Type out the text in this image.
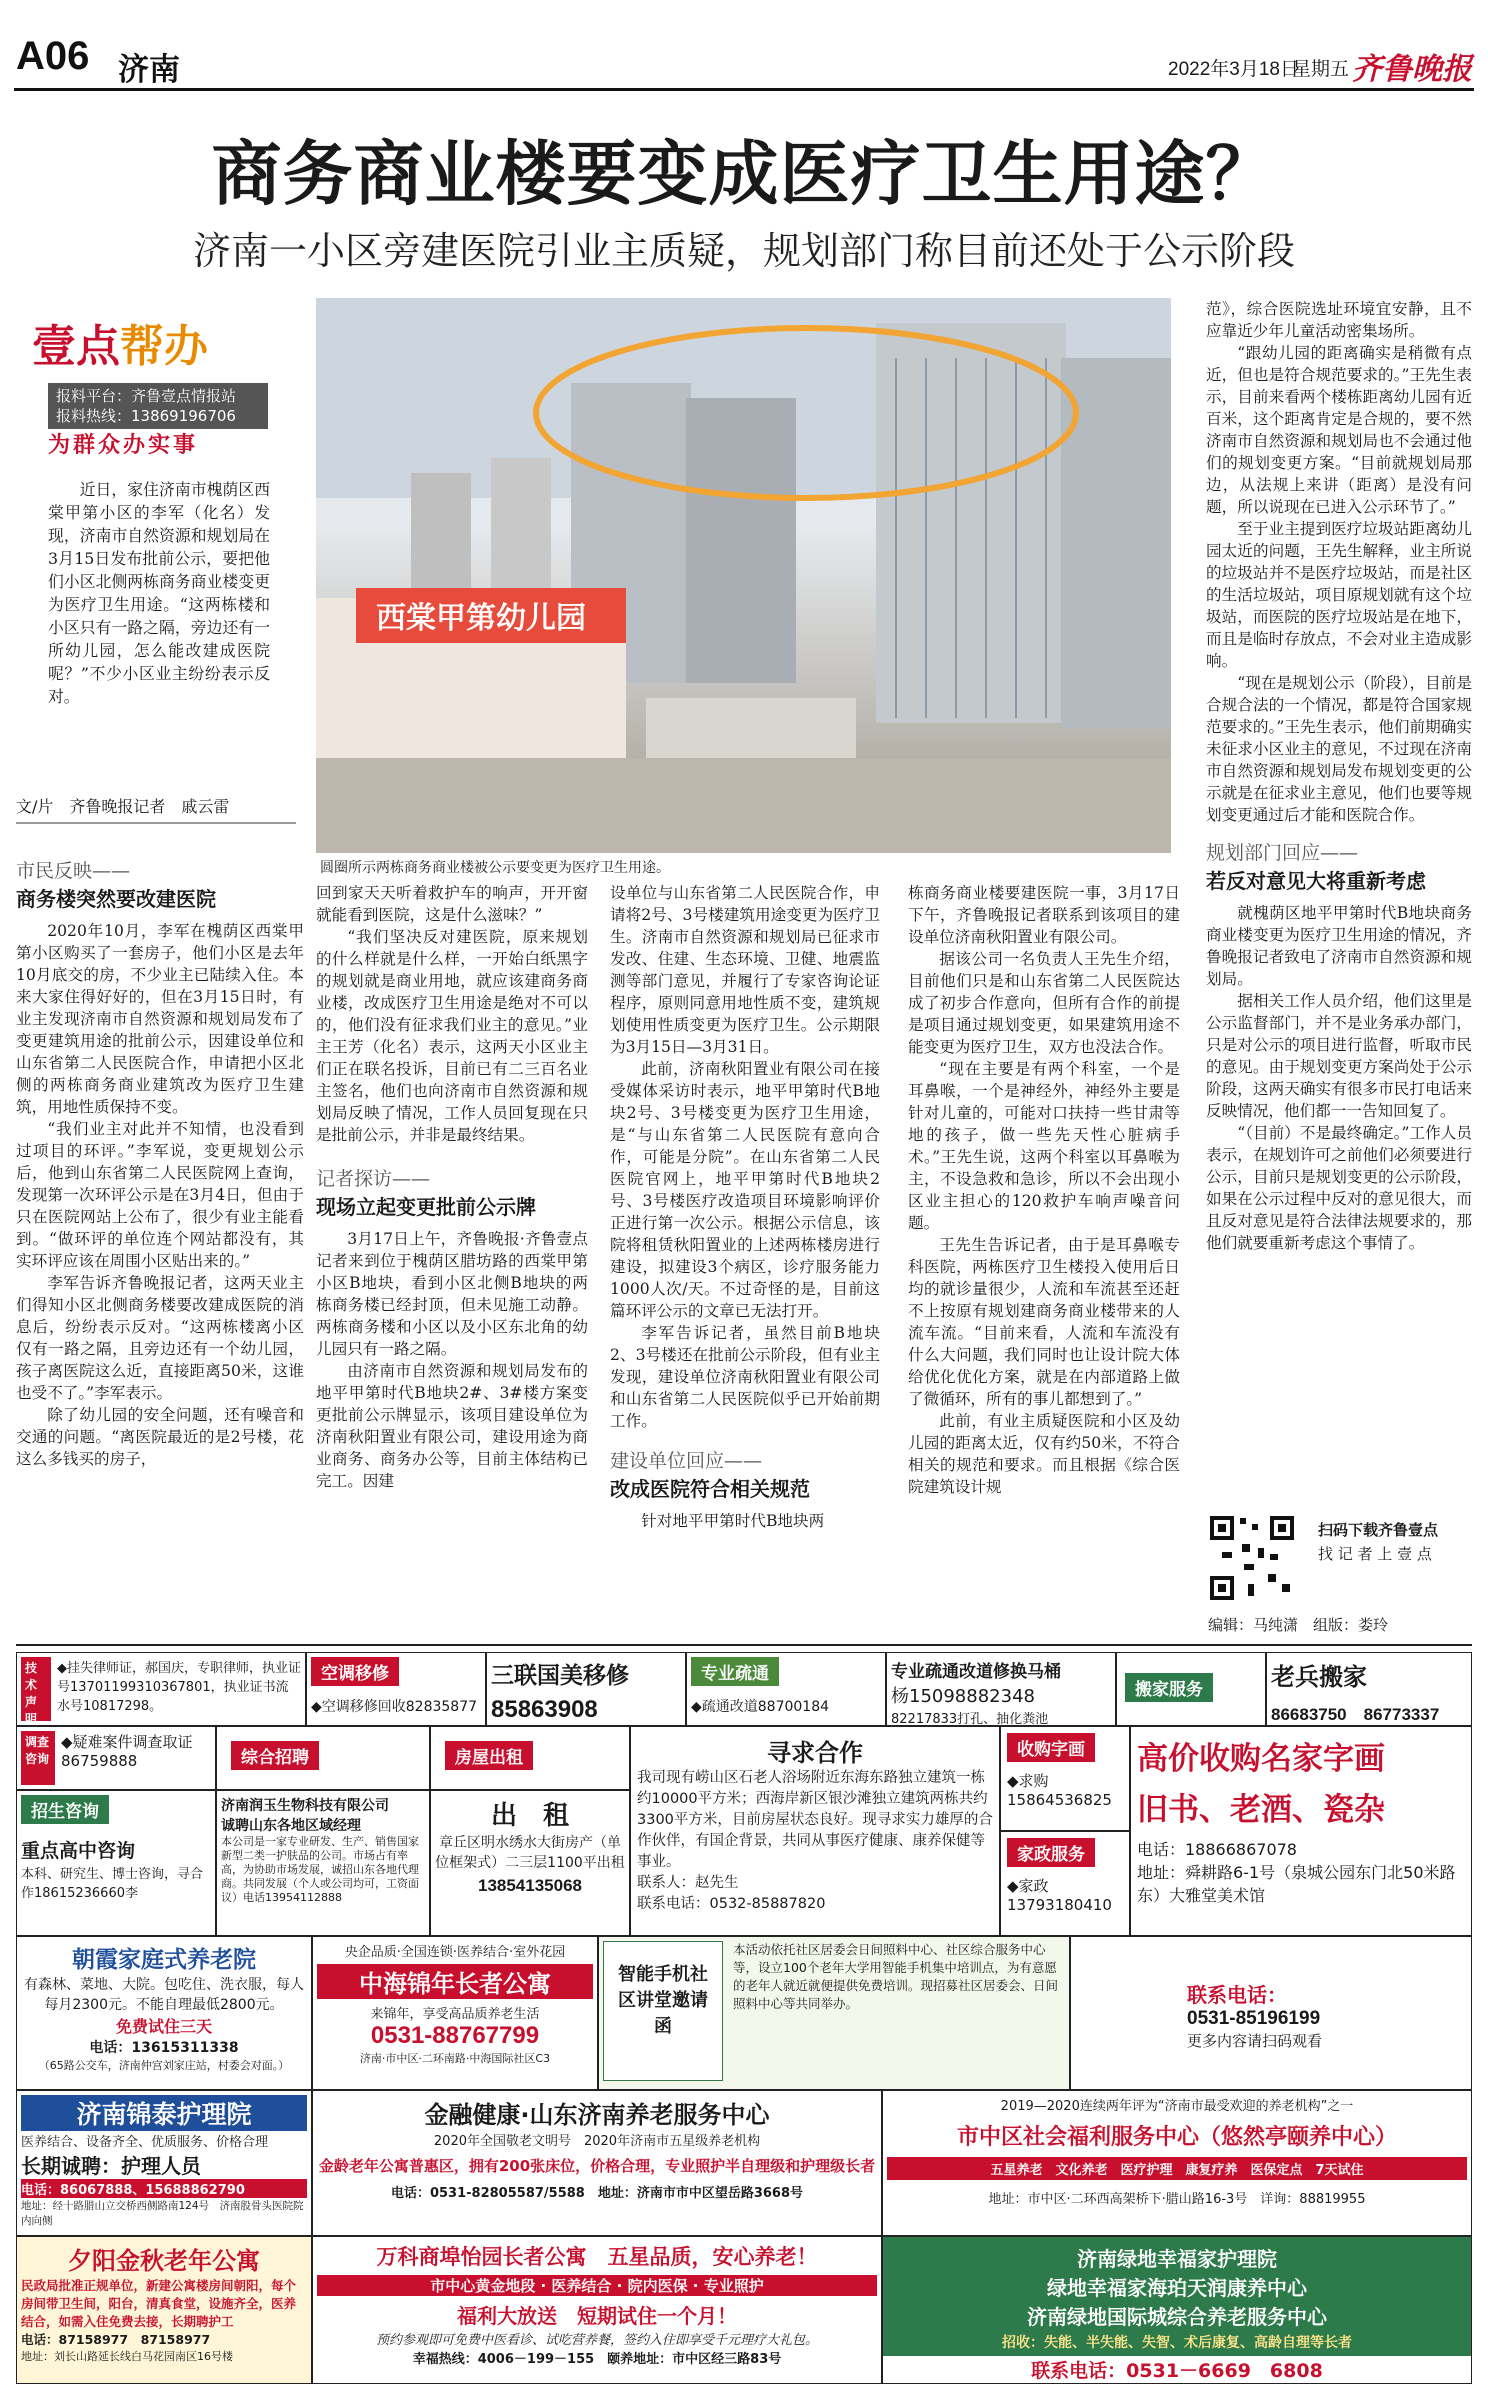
A06 济南	2022年3月18日
星期五 齐鲁晚报
商务商业楼要变成医疗卫生用途？
济南一小区旁建医院引业主质疑，规划部门称目前还处于公示阶段
壹点帮办
报料平台：齐鲁壹点情报站
报料热线：13869196706
为群众办实事

近日，家住济南市槐荫区西棠甲第小区的李军（化名）发现，济南市自然资源和规划局在3月15日发布批前公示，要把他们小区北侧两栋商务商业楼变更为医疗卫生用途。“这两栋楼和小区只有一路之隔，旁边还有一所幼儿园，怎么能改建成医院呢？”不少小区业主纷纷表示反对。

文/片　齐鲁晚报记者　戚云雷
西棠甲第幼儿园
圆圈所示两栋商务商业楼被公示要变更为医疗卫生用途。
市民反映——
商务楼突然要改建医院

2020年10月，李军在槐荫区西棠甲第小区购买了一套房子，他们小区是去年10月底交的房，不少业主已陆续入住。本来大家住得好好的，但在3月15日时，有业主发现济南市自然资源和规划局发布了变更建筑用途的批前公示，因建设单位和山东省第二人民医院合作，申请把小区北侧的两栋商务商业建筑改为医疗卫生建筑，用地性质保持不变。

“我们业主对此并不知情，也没看到过项目的环评。”李军说，变更规划公示后，他到山东省第二人民医院网上查询，发现第一次环评公示是在3月4日，但由于只在医院网站上公布了，很少有业主能看到。“做环评的单位连个网站都没有，其实环评应该在周围小区贴出来的。”

李军告诉齐鲁晚报记者，这两天业主们得知小区北侧商务楼要改建成医院的消息后，纷纷表示反对。“这两栋楼离小区仅有一路之隔，且旁边还有一个幼儿园，孩子离医院这么近，直接距离50米，这谁也受不了。”李军表示。

除了幼儿园的安全问题，还有噪音和交通的问题。“离医院最近的是2号楼，花这么多钱买的房子，

回到家天天听着救护车的响声，开开窗就能看到医院，这是什么滋味？”

“我们坚决反对建医院，原来规划的什么样就是什么样，一开始白纸黑字的规划就是商业用地，就应该建商务商业楼，改成医疗卫生用途是绝对不可以的，他们没有征求我们业主的意见。”业主王芳（化名）表示，这两天小区业主们正在联名投诉，目前已有二三百名业主签名，他们也向济南市自然资源和规划局反映了情况，工作人员回复现在只是批前公示，并非是最终结果。

记者探访——
现场立起变更批前公示牌

3月17日上午，齐鲁晚报·齐鲁壹点记者来到位于槐荫区腊坊路的西棠甲第小区B地块，看到小区北侧B地块的两栋商务楼已经封顶，但未见施工动静。两栋商务楼和小区以及小区东北角的幼儿园只有一路之隔。

由济南市自然资源和规划局发布的地平甲第时代B地块2#、3#楼方案变更批前公示牌显示，该项目建设单位为济南秋阳置业有限公司，建设用途为商业商务、商务办公等，目前主体结构已完工。因建

设单位与山东省第二人民医院合作，申请将2号、3号楼建筑用途变更为医疗卫生。济南市自然资源和规划局已征求市发改、住建、生态环境、卫健、地震监测等部门意见，并履行了专家咨询论证程序，原则同意用地性质不变，建筑规划使用性质变更为医疗卫生。公示期限为3月15日—3月31日。

此前，济南秋阳置业有限公司在接受媒体采访时表示，地平甲第时代B地块2号、3号楼变更为医疗卫生用途，是“与山东省第二人民医院有意向合作，可能是分院”。在山东省第二人民医院官网上，地平甲第时代B地块2号、3号楼医疗改造项目环境影响评价正进行第一次公示。根据公示信息，该院将租赁秋阳置业的上述两栋楼房进行建设，拟建设3个病区，诊疗服务能力1000人次/天。不过奇怪的是，目前这篇环评公示的文章已无法打开。

李军告诉记者，虽然目前B地块2、3号楼还在批前公示阶段，但有业主发现，建设单位济南秋阳置业有限公司和山东省第二人民医院似乎已开始前期工作。

建设单位回应——
改成医院符合相关规范

针对地平甲第时代B地块两

栋商务商业楼要建医院一事，3月17日下午，齐鲁晚报记者联系到该项目的建设单位济南秋阳置业有限公司。

据该公司一名负责人王先生介绍，目前他们只是和山东省第二人民医院达成了初步合作意向，但所有合作的前提是项目通过规划变更，如果建筑用途不能变更为医疗卫生，双方也没法合作。

“现在主要是有两个科室，一个是耳鼻喉，一个是神经外，神经外主要是针对儿童的，可能对口扶持一些甘肃等地的孩子，做一些先天性心脏病手术。”王先生说，这两个科室以耳鼻喉为主，不设急救和急诊，所以不会出现小区业主担心的120救护车响声噪音问题。

王先生告诉记者，由于是耳鼻喉专科医院，两栋医疗卫生楼投入使用后日均的就诊量很少，人流和车流甚至还赶不上按原有规划建商务商业楼带来的人流车流。“目前来看，人流和车流没有什么大问题，我们同时也让设计院大体给优化优化方案，就是在内部道路上做了微循环，所有的事儿都想到了。”

此前，有业主质疑医院和小区及幼儿园的距离太近，仅有约50米，不符合相关的规范和要求。而且根据《综合医院建筑设计规

范》，综合医院选址环境宜安静，且不应靠近少年儿童活动密集场所。

“跟幼儿园的距离确实是稍微有点近，但也是符合规范要求的。”王先生表示，目前来看两个楼栋距离幼儿园有近百米，这个距离肯定是合规的，要不然济南市自然资源和规划局也不会通过他们的规划变更方案。“目前就规划局那边，从法规上来讲（距离）是没有问题，所以说现在已进入公示环节了。”

至于业主提到医疗垃圾站距离幼儿园太近的问题，王先生解释，业主所说的垃圾站并不是医疗垃圾站，而是社区的生活垃圾站，项目原规划就有这个垃圾站，而医院的医疗垃圾站是在地下，而且是临时存放点，不会对业主造成影响。

“现在是规划公示（阶段），目前是合规合法的一个情况，都是符合国家规范要求的。”王先生表示，他们前期确实未征求小区业主的意见，不过现在济南市自然资源和规划局发布规划变更的公示就是在征求业主意见，他们也要等规划变更通过后才能和医院合作。

规划部门回应——
若反对意见大将重新考虑

就槐荫区地平甲第时代B地块商务商业楼变更为医疗卫生用途的情况，齐鲁晚报记者致电了济南市自然资源和规划局。

据相关工作人员介绍，他们这里是公示监督部门，并不是业务承办部门，只是对公示的项目进行监督，听取市民的意见。由于规划变更方案尚处于公示阶段，这两天确实有很多市民打电话来反映情况，他们都一一告知回复了。

“（目前）不是最终确定。”工作人员表示，在规划许可之前他们必须要进行公示，目前只是规划变更的公示阶段，如果在公示过程中反对的意见很大，而且反对意见是符合法律法规要求的，那他们就要重新考虑这个事情了。

扫码下载齐鲁壹点
找 记 者 上 壹 点
编辑：马纯潇　组版：娄玲
技术声明
◆挂失律师证，郝国庆，专职律师，执业证号13701199310367801，执业证书流水号10817298。
空调移修
◆空调移修回收82835877
三联国美移修
85863908
专业疏通
◆疏通改道88700184
专业疏通改道修换马桶
杨15098882348
82217833打孔、抽化粪池
搬家服务	老兵搬家
86683750　86773337
调查咨询
◆疑难案件调查取证86759888	综合招聘	房屋出租	寻求合作
我司现有崂山区石老人浴场附近东海东路独立建筑一栋约10000平方米；西海岸新区银沙滩独立建筑两栋共约3300平方米，目前房屋状态良好。现寻求实力雄厚的合作伙伴，有国企背景，共同从事医疗健康、康养保健等事业。
联系人：赵先生
联系电话：0532-85887820
收购字画
◆求购 15864536825
高价收购名家字画
旧书、老酒、瓷杂
电话：18866867078
地址：舜耕路6-1号（泉城公园东门北50米路东）大雅堂美术馆
招生咨询
重点高中咨询
本科、研究生、博士咨询，寻合作18615236660李
济南润玉生物科技有限公司
诚聘山东各地区域经理
本公司是一家专业研发、生产、销售国家新型二类一护肤品的公司。市场占有率高，为协助市场发展，诚招山东各地代理商。共同发展（个人或公司均可，工资面议）电话13954112888
出　租
章丘区明水绣水大街房产（单位框架式）二三层1100平出租
13854135068
家政服务
◆家政 13793180410
朝霞家庭式养老院
有森林、菜地、大院。包吃住、洗衣服，每人每月2300元。不能自理最低2800元。
免费试住三天
电话：13615311338
（65路公交车，济南仲宫刘家庄站，村委会对面。）
央企品质·全国连锁·医养结合·室外花园
中海锦年长者公寓
来锦年，享受高品质养老生活
0531-88767799
济南·市中区·二环南路·中海国际社区C3
智能手机社区讲堂邀请函
本活动依托社区居委会日间照料中心、社区综合服务中心等，设立100个老年大学用智能手机集中培训点，为有意愿的老年人就近就便提供免费培训。现招募社区居委会、日间照料中心等共同举办。	联系电话：
0531-85196199
更多内容请扫码观看
济南锦泰护理院
医养结合、设备齐全、优质服务、价格合理
长期诚聘：护理人员
电话：86067888、15688862790
地址：经十路腊山立交桥西侧路南124号　济南股骨头医院院内向侧
金融健康·山东济南养老服务中心
2020年全国敬老文明号　2020年济南市五星级养老机构
金龄老年公寓普惠区，拥有200张床位，价格合理，专业照护半自理级和护理级长者
电话：0531-82805587/5588　地址：济南市市中区望岳路3668号
2019—2020连续两年评为“济南市最受欢迎的养老机构”之一
市中区社会福利服务中心（悠然亭颐养中心）
五星养老　文化养老　医疗护理　康复疗养　医保定点　7天试住
地址：市中区·二环西高架桥下·腊山路16-3号　详询：88819955
夕阳金秋老年公寓
民政局批准正规单位，新建公寓楼房间朝阳，每个房间带卫生间，阳台，清真食堂，设施齐全，医养结合，如需入住免费去接，长期聘护工
电话：87158977　87158977
地址：刘长山路延长线白马花园南区16号楼
万科商埠怡园长者公寓　五星品质，安心养老！
市中心黄金地段 · 医养结合 · 院内医保 · 专业照护
福利大放送　短期试住一个月！
预约参观即可免费中医看诊、试吃营养餐，签约入住即享受千元理疗大礼包。
幸福热线：4006－199－155　颐养地址：市中区经三路83号
济南绿地幸福家护理院
绿地幸福家海珀天润康养中心
济南绿地国际城综合养老服务中心
招收：失能、半失能、失智、术后康复、高龄自理等长者
联系电话：0531－6669　6808
